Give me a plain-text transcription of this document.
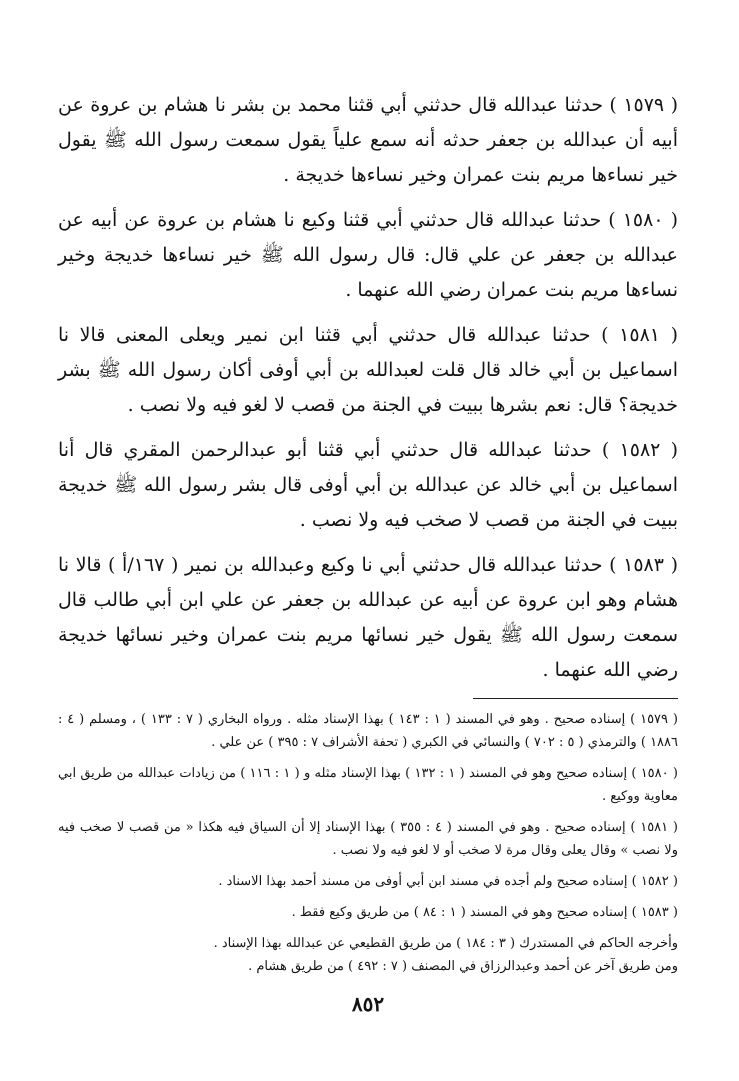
( ١٥٧٩ ) حدثنا عبدالله قال حدثني أبي قثنا محمد بن بشر نا هشام بن عروة عن أبيه أن عبدالله بن جعفر حدثه أنه سمع علياً يقول سمعت رسول الله ﷺ يقول خير نساءها مريم بنت عمران وخير نساءها خديجة .

( ١٥٨٠ ) حدثنا عبدالله قال حدثني أبي قثنا وكيع نا هشام بن عروة عن أبيه عن عبدالله بن جعفر عن علي قال: قال رسول الله ﷺ خير نساءها خديجة وخير نساءها مريم بنت عمران رضي الله عنهما .

( ١٥٨١ ) حدثنا عبدالله قال حدثني أبي قثنا ابن نمير ويعلى المعنى قالا نا اسماعيل بن أبي خالد قال قلت لعبدالله بن أبي أوفى أكان رسول الله ﷺ بشر خديجة؟ قال: نعم بشرها ببيت في الجنة من قصب لا لغو فيه ولا نصب .

( ١٥٨٢ ) حدثنا عبدالله قال حدثني أبي قثنا أبو عبدالرحمن المقري قال أنا اسماعيل بن أبي خالد عن عبدالله بن أبي أوفى قال بشر رسول الله ﷺ خديجة ببيت في الجنة من قصب لا صخب فيه ولا نصب .

( ١٥٨٣ ) حدثنا عبدالله قال حدثني أبي نا وكيع وعبدالله بن نمير ( ١٦٧/أ ) قالا نا هشام وهو ابن عروة عن أبيه عن عبدالله بن جعفر عن علي ابن أبي طالب قال سمعت رسول الله ﷺ يقول خير نسائها مريم بنت عمران وخير نسائها خديجة رضي الله عنهما .

( ١٥٧٩ ) إسناده صحيح . وهو في المسند ( ١ : ١٤٣ ) بهذا الإسناد مثله . ورواه البخاري ( ٧ : ١٣٣ ) ، ومسلم ( ٤ : ١٨٨٦ ) والترمذي ( ٥ : ٧٠٢ ) والنسائي في الكبري ( تحفة الأشراف ٧ : ٣٩٥ ) عن علي .

( ١٥٨٠ ) إسناده صحيح وهو في المسند ( ١ : ١٣٢ ) بهذا الإسناد مثله و ( ١ : ١١٦ ) من زيادات عبدالله من طريق ابي معاوية ووكيع .

( ١٥٨١ ) إسناده صحيح . وهو في المسند ( ٤ : ٣٥٥ ) بهذا الإسناد إلا أن السياق فيه هكذا « من قصب لا صخب فيه ولا نصب » وقال يعلى وقال مرة لا صخب أو لا لغو فيه ولا نصب .

( ١٥٨٢ ) إسناده صحيح ولم أجده في مسند ابن أبي أوفى من مسند أحمد بهذا الاسناد .

( ١٥٨٣ ) إسناده صحيح وهو في المسند ( ١ : ٨٤ ) من طريق وكيع فقط .

وأخرجه الحاكم في المستدرك ( ٣ : ١٨٤ ) من طريق القطيعي عن عبدالله بهذا الإسناد .

ومن طريق آخر عن أحمد وعبدالرزاق في المصنف ( ٧ : ٤٩٢ ) من طريق هشام .

٨٥٢
